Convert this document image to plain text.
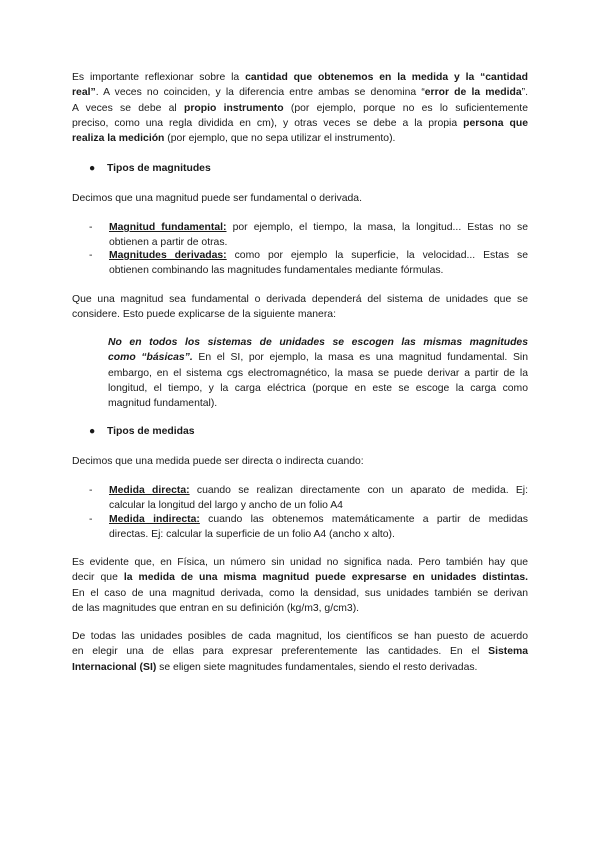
Es importante reflexionar sobre la cantidad que obtenemos en la medida y la “cantidad
real”. A veces no coinciden, y la diferencia entre ambas se denomina “error de la medida”.
A veces se debe al propio instrumento (por ejemplo, porque no es lo suficientemente
preciso, como una regla dividida en cm), y otras veces se debe a la propia persona que
realiza la medición (por ejemplo, que no sepa utilizar el instrumento).
● Tipos de magnitudes
Decimos que una magnitud puede ser fundamental o derivada.
- Magnitud fundamental: por ejemplo, el tiempo, la masa, la longitud... Estas no se
obtienen a partir de otras.
- Magnitudes derivadas: como por ejemplo la superficie, la velocidad... Estas se
obtienen combinando las magnitudes fundamentales mediante fórmulas.
Que una magnitud sea fundamental o derivada dependerá del sistema de unidades que se
considere. Esto puede explicarse de la siguiente manera:
No en todos los sistemas de unidades se escogen las mismas magnitudes
como “básicas”. En el SI, por ejemplo, la masa es una magnitud fundamental. Sin
embargo, en el sistema cgs electromagnético, la masa se puede derivar a partir de la
longitud, el tiempo, y la carga eléctrica (porque en este se escoge la carga como
magnitud fundamental).
● Tipos de medidas
Decimos que una medida puede ser directa o indirecta cuando:
- Medida directa: cuando se realizan directamente con un aparato de medida. Ej:
calcular la longitud del largo y ancho de un folio A4
- Medida indirecta: cuando las obtenemos matemáticamente a partir de medidas
directas. Ej: calcular la superficie de un folio A4 (ancho x alto).
Es evidente que, en Física, un número sin unidad no significa nada. Pero también hay que
decir que la medida de una misma magnitud puede expresarse en unidades distintas.
En el caso de una magnitud derivada, como la densidad, sus unidades también se derivan
de las magnitudes que entran en su definición (kg/m3, g/cm3).
De todas las unidades posibles de cada magnitud, los científicos se han puesto de acuerdo
en elegir una de ellas para expresar preferentemente las cantidades. En el Sistema
Internacional (SI) se eligen siete magnitudes fundamentales, siendo el resto derivadas.
